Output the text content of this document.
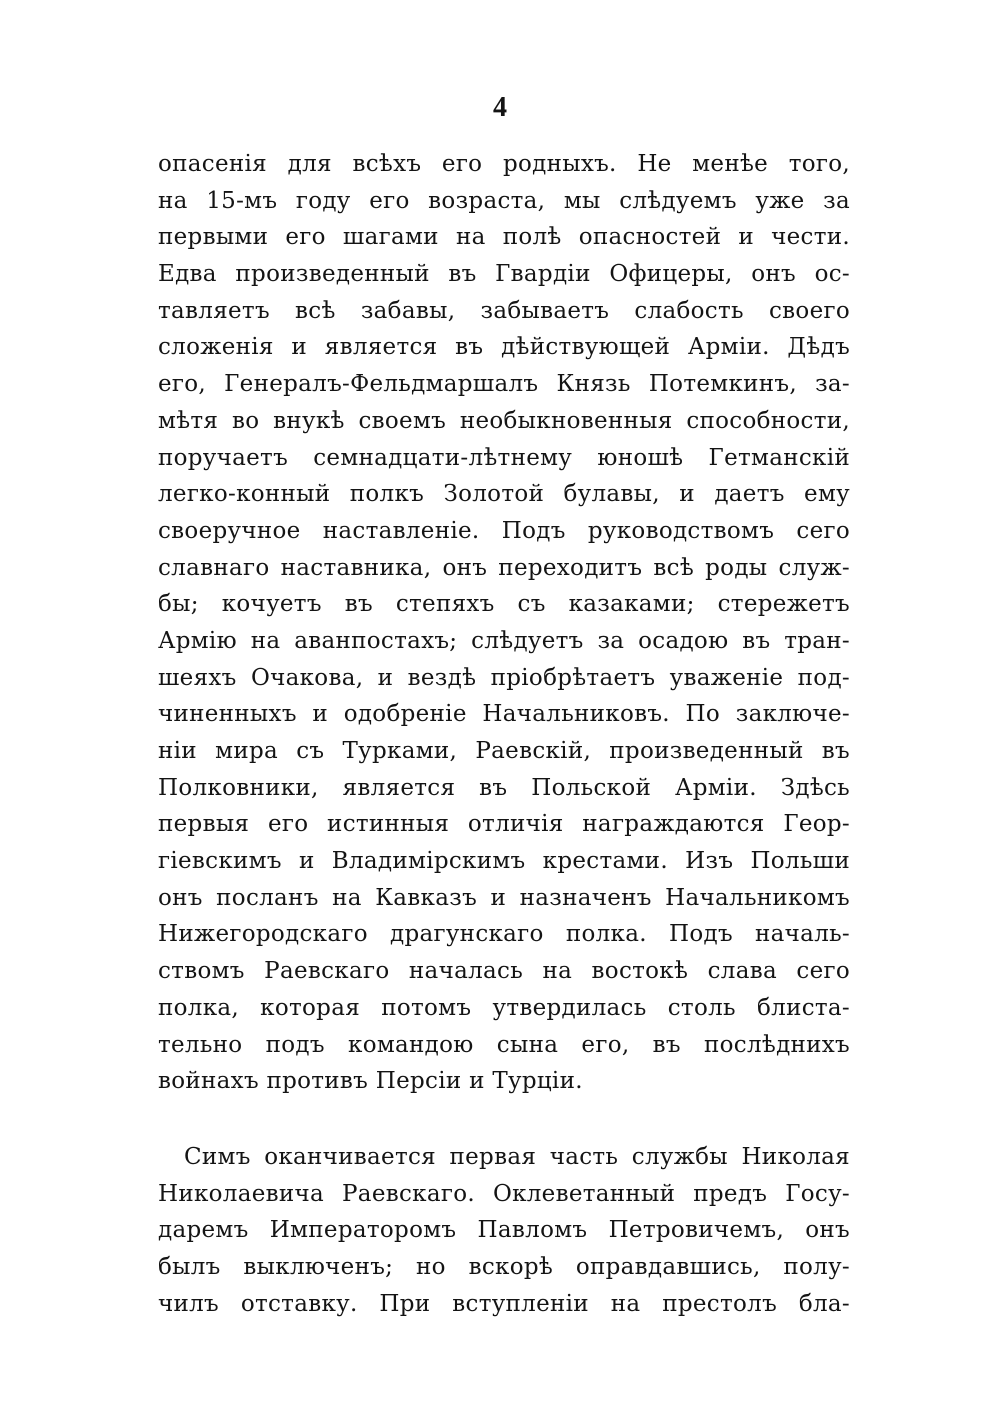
4
опасенія для всѣхъ его родныхъ. Не менѣе того,
на 15-мъ году его возраста, мы слѣдуемъ уже за
первыми его шагами на полѣ опасностей и чести.
Едва произведенный въ Гвардіи Офицеры, онъ ос-
тавляетъ всѣ забавы, забываетъ слабость своего
сложенія и является въ дѣйствующей Арміи. Дѣдъ
его, Генералъ-Фельдмаршалъ Князь Потемкинъ, за-
мѣтя во внукѣ своемъ необыкновенныя способности,
поручаетъ семнадцати-лѣтнему юношѣ Гетманскій
легко-конный полкъ Золотой булавы, и даетъ ему
своеручное наставленіе. Подъ руководствомъ сего
славнаго наставника, онъ переходитъ всѣ роды служ-
бы; кочуетъ въ степяхъ съ казаками; стережетъ
Армію на аванпостахъ; слѣдуетъ за осадою въ тран-
шеяхъ Очакова, и вездѣ пріобрѣтаетъ уваженіе под-
чиненныхъ и одобреніе Начальниковъ. По заключе-
ніи мира съ Турками, Раевскій, произведенный въ
Полковники, является въ Польской Арміи. Здѣсь
первыя его истинныя отличія награждаются Геор-
гіевскимъ и Владимірскимъ крестами. Изъ Польши
онъ посланъ на Кавказъ и назначенъ Начальникомъ
Нижегородскаго драгунскаго полка. Подъ началь-
ствомъ Раевскаго началась на востокѣ слава сего
полка, которая потомъ утвердилась столь блиста-
тельно подъ командою сына его, въ послѣднихъ
войнахъ противъ Персіи и Турціи.
Симъ оканчивается первая часть службы Николая
Николаевича Раевскаго. Оклеветанный предъ Госу-
даремъ Императоромъ Павломъ Петровичемъ, онъ
былъ выключенъ; но вскорѣ оправдавшись, полу-
чилъ отставку. При вступленіи на престолъ бла-
